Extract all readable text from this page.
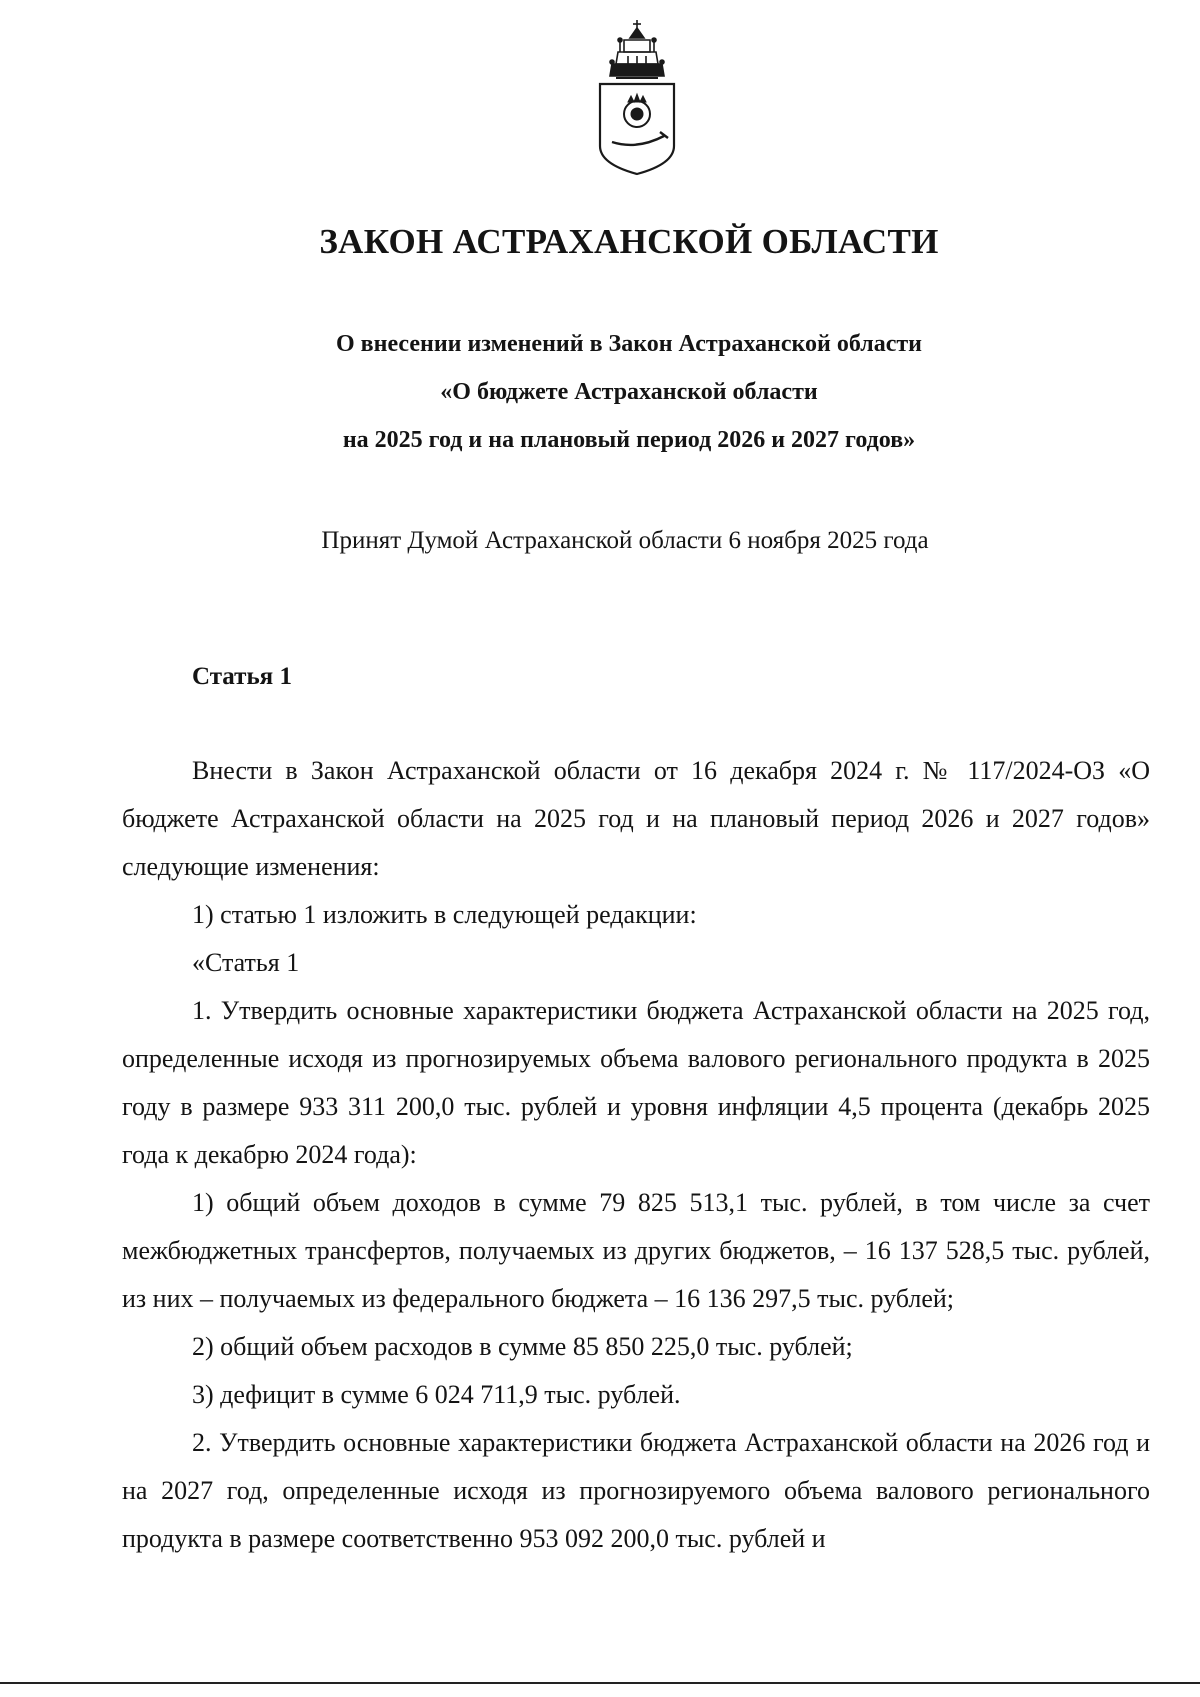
ЗАКОН АСТРАХАНСКОЙ ОБЛАСТИ
О внесении изменений в Закон Астраханской области
«О бюджете Астраханской области
на 2025 год и на плановый период 2026 и 2027 годов»
Принят Думой Астраханской области 6 ноября 2025 года
Статья 1

Внести в Закон Астраханской области от 16 декабря 2024 г. № 117/2024-ОЗ «О бюджете Астраханской области на 2025 год и на плановый период 2026 и 2027 годов» следующие изменения:

1) статью 1 изложить в следующей редакции:

«Статья 1

1. Утвердить основные характеристики бюджета Астраханской области на 2025 год, определенные исходя из прогнозируемых объема валового регионального продукта в 2025 году в размере 933 311 200,0 тыс. рублей и уровня инфляции 4,5 процента (декабрь 2025 года к декабрю 2024 года):

1) общий объем доходов в сумме 79 825 513,1 тыс. рублей, в том числе за счет межбюджетных трансфертов, получаемых из других бюджетов, – 16 137 528,5 тыс. рублей, из них – получаемых из федерального бюджета – 16 136 297,5 тыс. рублей;

2) общий объем расходов в сумме 85 850 225,0 тыс. рублей;

3) дефицит в сумме 6 024 711,9 тыс. рублей.

2. Утвердить основные характеристики бюджета Астраханской области на 2026 год и на 2027 год, определенные исходя из прогнозируемого объема валового регионального продукта в размере соответственно 953 092 200,0 тыс. рублей и
